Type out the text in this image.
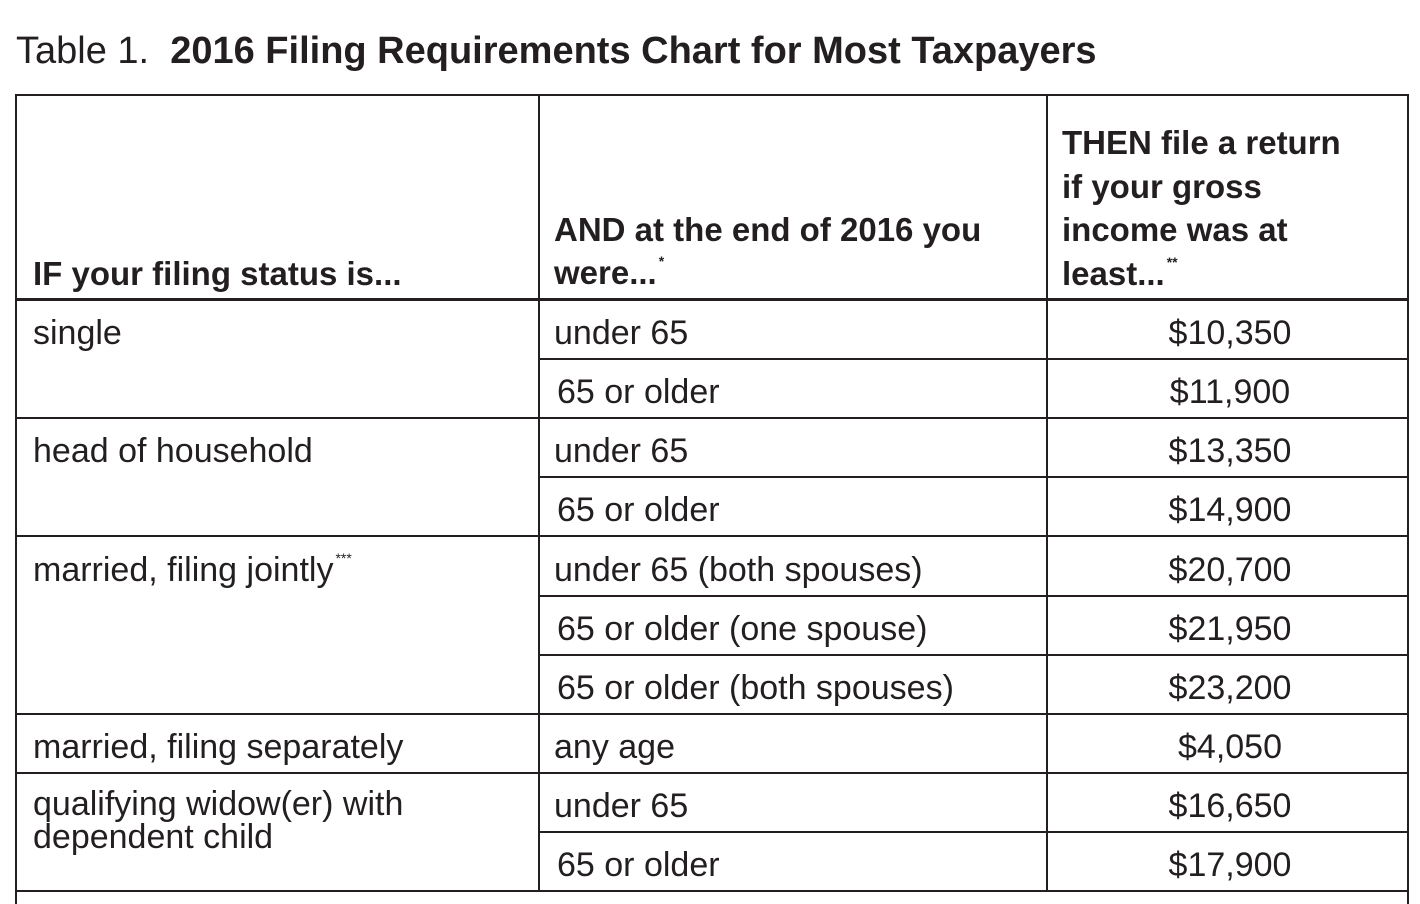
Table 1. 2016 Filing Requirements Chart for Most Taxpayers
IF your filing status is...
AND at the end of 2016 you
were... *
THEN file a return
if your gross
income was at
least... **
single
head of household
married, filing jointly ***
married, filing separately
qualifying widow(er) with
dependent child
under 65
65 or older
under 65
65 or older
under 65 (both spouses)
65 or older (one spouse)
65 or older (both spouses)
any age
under 65
65 or older
$10,350
$11,900
$13,350
$14,900
$20,700
$21,950
$23,200
$4,050
$16,650
$17,900
